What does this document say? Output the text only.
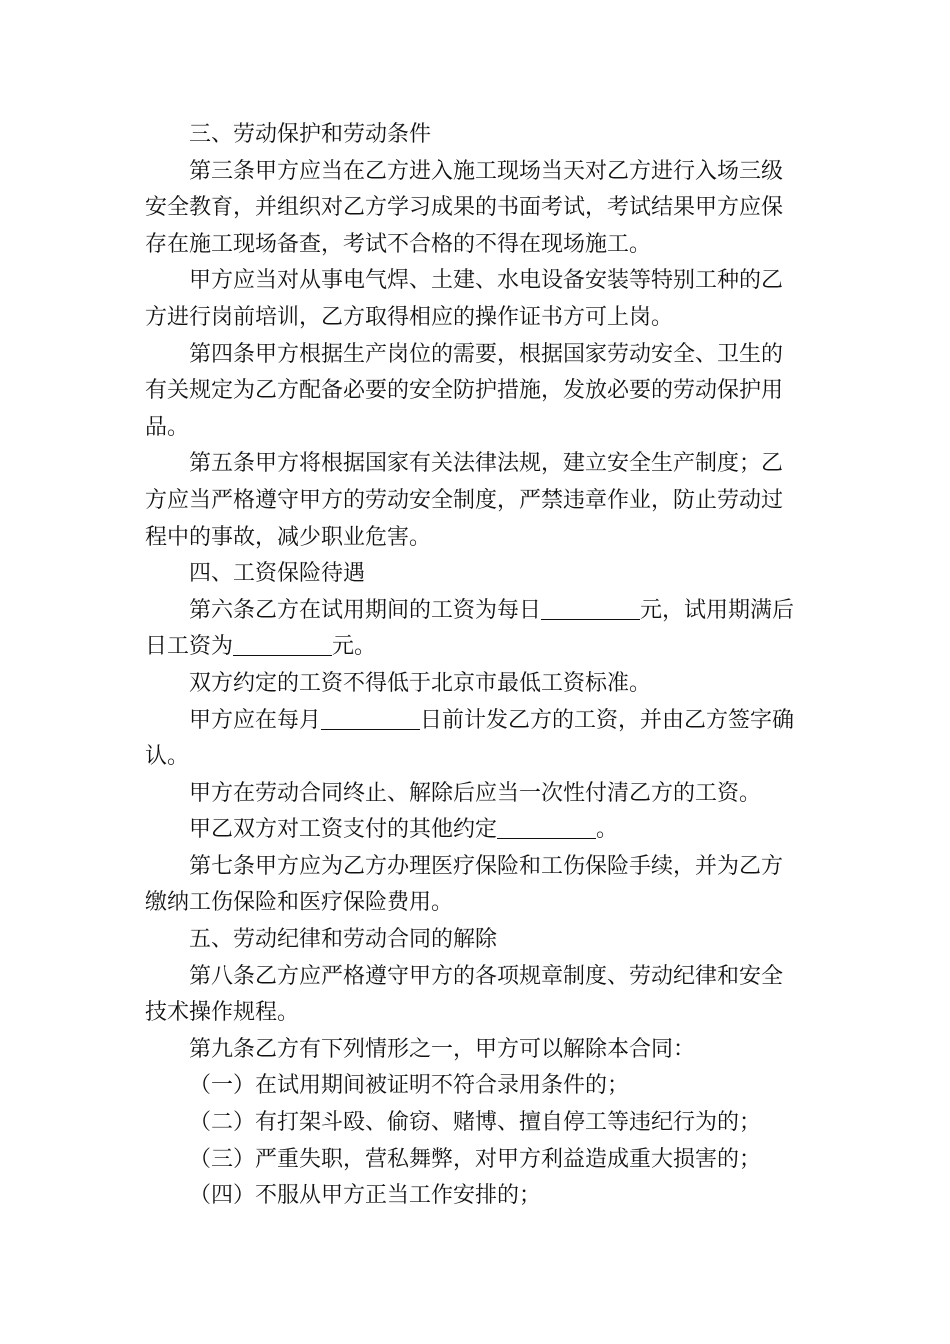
三、劳动保护和劳动条件
第三条甲方应当在乙方进入施工现场当天对乙方进行入场三级
安全教育，并组织对乙方学习成果的书面考试，考试结果甲方应保
存在施工现场备查，考试不合格的不得在现场施工。
甲方应当对从事电气焊、土建、水电设备安装等特别工种的乙
方进行岗前培训，乙方取得相应的操作证书方可上岗。
第四条甲方根据生产岗位的需要，根据国家劳动安全、卫生的
有关规定为乙方配备必要的安全防护措施，发放必要的劳动保护用
品。
第五条甲方将根据国家有关法律法规，建立安全生产制度；乙
方应当严格遵守甲方的劳动安全制度，严禁违章作业，防止劳动过
程中的事故，减少职业危害。
四、工资保险待遇
第六条乙方在试用期间的工资为每日	元，试用期满后
日工资为	元。
双方约定的工资不得低于北京市最低工资标准。
甲方应在每月	日前计发乙方的工资，并由乙方签字确
认。
甲方在劳动合同终止、解除后应当一次性付清乙方的工资。
甲乙双方对工资支付的其他约定	。
第七条甲方应为乙方办理医疗保险和工伤保险手续，并为乙方
缴纳工伤保险和医疗保险费用。
五、劳动纪律和劳动合同的解除
第八条乙方应严格遵守甲方的各项规章制度、劳动纪律和安全
技术操作规程。
第九条乙方有下列情形之一，甲方可以解除本合同：
（一）在试用期间被证明不符合录用条件的；
（二）有打架斗殴、偷窃、赌博、擅自停工等违纪行为的；
（三）严重失职，营私舞弊，对甲方利益造成重大损害的；
（四）不服从甲方正当工作安排的；
